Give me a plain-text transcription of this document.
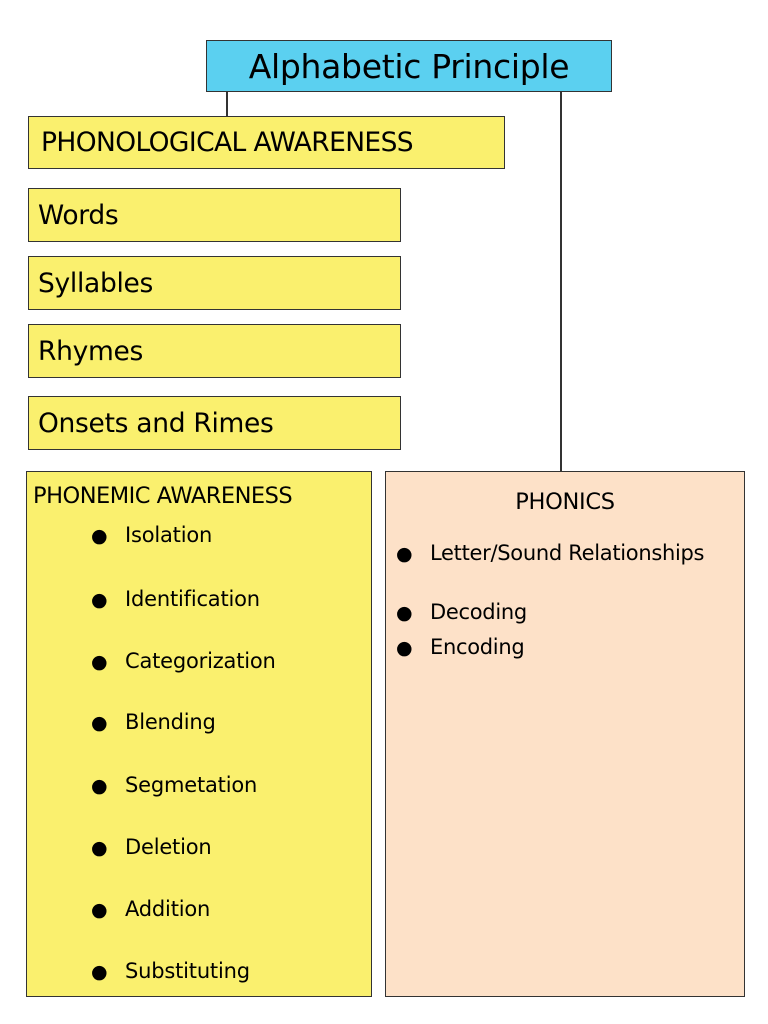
Alphabetic Principle
PHONOLOGICAL AWARENESS
Words
Syllables
Rhymes
Onsets and Rimes
PHONEMIC AWARENESS
● Isolation
● Identification
● Categorization
● Blending
● Segmetation
● Deletion
● Addition
● Substituting
PHONICS
● Letter/Sound Relationships
● Decoding
● Encoding
